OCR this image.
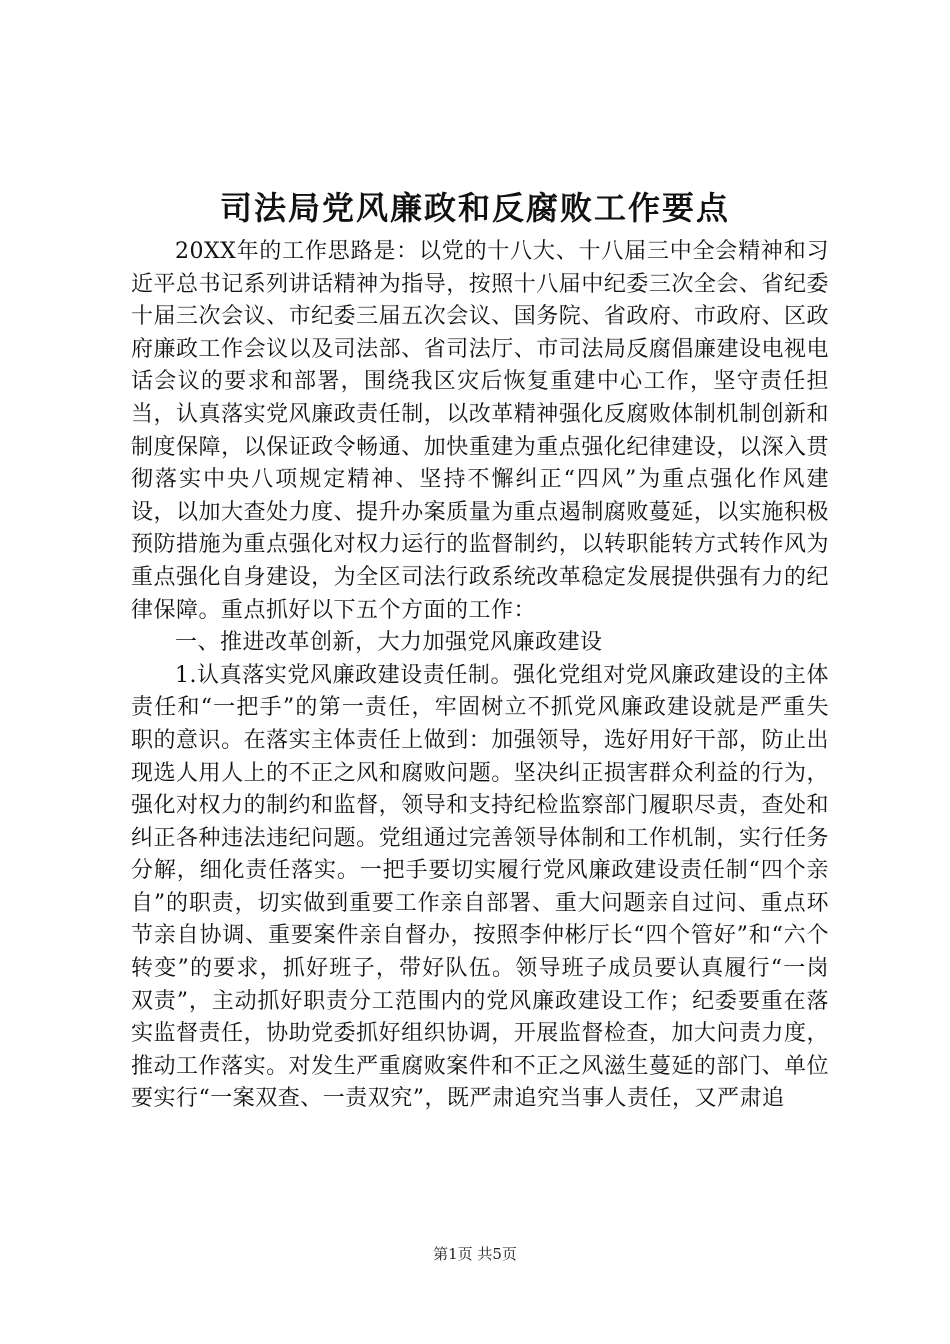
司法局党风廉政和反腐败工作要点

20XX年的工作思路是：以党的十八大、十八届三中全会精神和习近平总书记系列讲话精神为指导，按照十八届中纪委三次全会、省纪委十届三次会议、市纪委三届五次会议、国务院、省政府、市政府、区政府廉政工作会议以及司法部、省司法厅、市司法局反腐倡廉建设电视电话会议的要求和部署，围绕我区灾后恢复重建中心工作，坚守责任担当，认真落实党风廉政责任制，以改革精神强化反腐败体制机制创新和制度保障，以保证政令畅通、加快重建为重点强化纪律建设，以深入贯彻落实中央八项规定精神、坚持不懈纠正“四风”为重点强化作风建设，以加大查处力度、提升办案质量为重点遏制腐败蔓延，以实施积极预防措施为重点强化对权力运行的监督制约，以转职能转方式转作风为重点强化自身建设，为全区司法行政系统改革稳定发展提供强有力的纪律保障。重点抓好以下五个方面的工作：

一、推进改革创新，大力加强党风廉政建设

1.认真落实党风廉政建设责任制。强化党组对党风廉政建设的主体责任和“一把手”的第一责任，牢固树立不抓党风廉政建设就是严重失职的意识。在落实主体责任上做到：加强领导，选好用好干部，防止出现选人用人上的不正之风和腐败问题。坚决纠正损害群众利益的行为，强化对权力的制约和监督，领导和支持纪检监察部门履职尽责，查处和纠正各种违法违纪问题。党组通过完善领导体制和工作机制，实行任务分解，细化责任落实。一把手要切实履行党风廉政建设责任制“四个亲自”的职责，切实做到重要工作亲自部署、重大问题亲自过问、重点环节亲自协调、重要案件亲自督办，按照李仲彬厅长“四个管好”和“六个转变”的要求，抓好班子，带好队伍。领导班子成员要认真履行“一岗双责”，主动抓好职责分工范围内的党风廉政建设工作；纪委要重在落实监督责任，协助党委抓好组织协调，开展监督检查，加大问责力度，推动工作落实。对发生严重腐败案件和不正之风滋生蔓延的部门、单位要实行“一案双查、一责双究”，既严肃追究当事人责任，又严肃追

第1页 共5页
